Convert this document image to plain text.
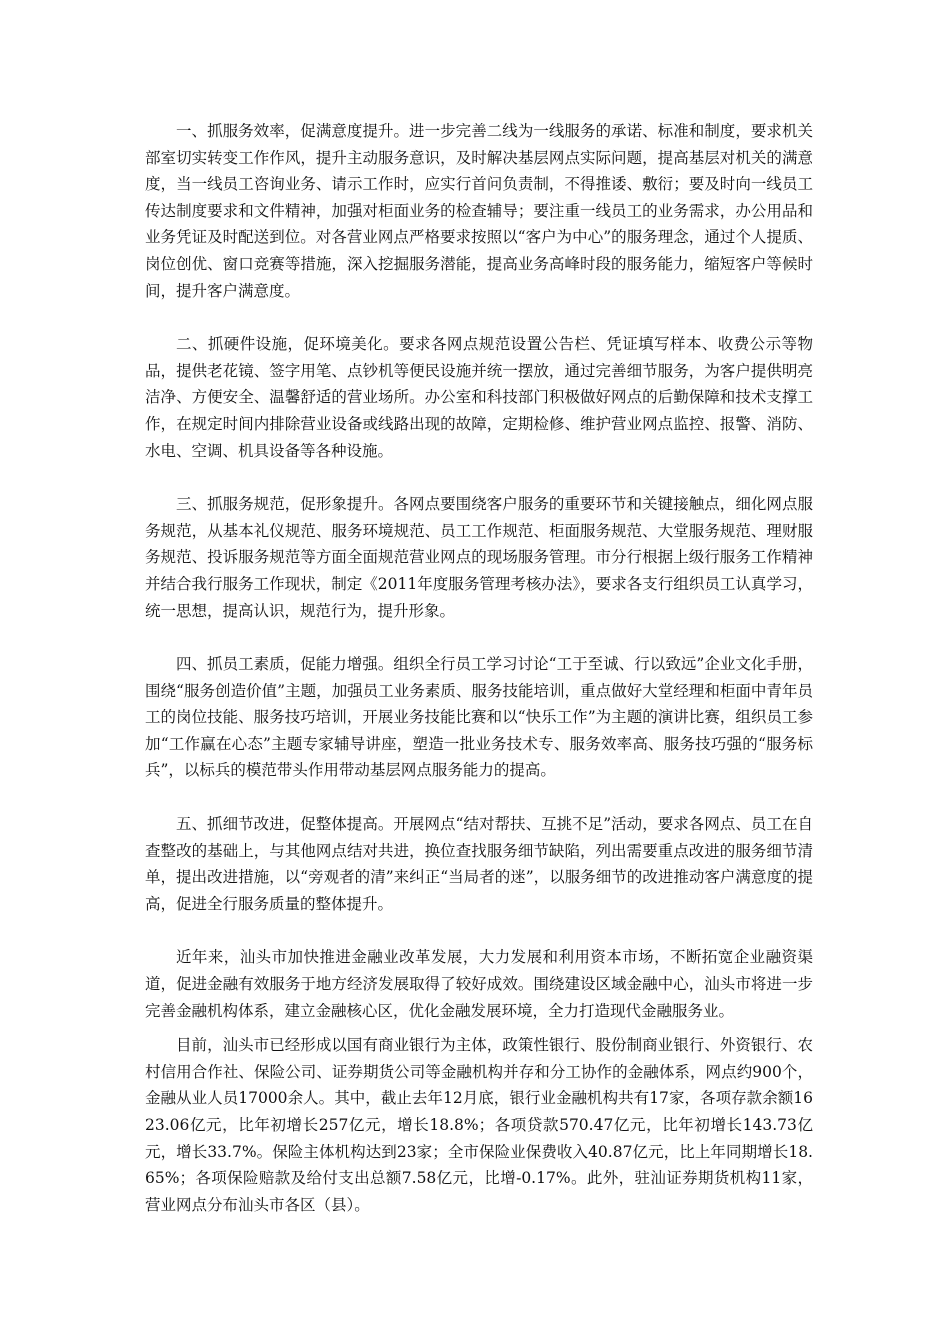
一、抓服务效率，促满意度提升。进一步完善二线为一线服务的承诺、标准和制度，要求机关部室切实转变工作作风，提升主动服务意识，及时解决基层网点实际问题，提高基层对机关的满意度，当一线员工咨询业务、请示工作时，应实行首问负责制，不得推诿、敷衍；要及时向一线员工传达制度要求和文件精神，加强对柜面业务的检查辅导；要注重一线员工的业务需求，办公用品和业务凭证及时配送到位。对各营业网点严格要求按照以“客户为中心”的服务理念，通过个人提质、岗位创优、窗口竞赛等措施，深入挖掘服务潜能，提高业务高峰时段的服务能力，缩短客户等候时间，提升客户满意度。

二、抓硬件设施，促环境美化。要求各网点规范设置公告栏、凭证填写样本、收费公示等物品，提供老花镜、签字用笔、点钞机等便民设施并统一摆放，通过完善细节服务，为客户提供明亮洁净、方便安全、温馨舒适的营业场所。办公室和科技部门积极做好网点的后勤保障和技术支撑工作，在规定时间内排除营业设备或线路出现的故障，定期检修、维护营业网点监控、报警、消防、水电、空调、机具设备等各种设施。

三、抓服务规范，促形象提升。各网点要围绕客户服务的重要环节和关键接触点，细化网点服务规范，从基本礼仪规范、服务环境规范、员工工作规范、柜面服务规范、大堂服务规范、理财服务规范、投诉服务规范等方面全面规范营业网点的现场服务管理。市分行根据上级行服务工作精神并结合我行服务工作现状，制定《2011年度服务管理考核办法》，要求各支行组织员工认真学习，统一思想，提高认识，规范行为，提升形象。

四、抓员工素质，促能力增强。组织全行员工学习讨论“工于至诚、行以致远”企业文化手册，围绕“服务创造价值”主题，加强员工业务素质、服务技能培训，重点做好大堂经理和柜面中青年员工的岗位技能、服务技巧培训，开展业务技能比赛和以“快乐工作”为主题的演讲比赛，组织员工参加“工作赢在心态”主题专家辅导讲座，塑造一批业务技术专、服务效率高、服务技巧强的“服务标兵”，以标兵的模范带头作用带动基层网点服务能力的提高。

五、抓细节改进，促整体提高。开展网点“结对帮扶、互挑不足”活动，要求各网点、员工在自查整改的基础上，与其他网点结对共进，换位查找服务细节缺陷，列出需要重点改进的服务细节清单，提出改进措施，以“旁观者的清”来纠正“当局者的迷”，以服务细节的改进推动客户满意度的提高，促进全行服务质量的整体提升。

近年来，汕头市加快推进金融业改革发展，大力发展和利用资本市场，不断拓宽企业融资渠道，促进金融有效服务于地方经济发展取得了较好成效。围绕建设区域金融中心，汕头市将进一步完善金融机构体系，建立金融核心区，优化金融发展环境，全力打造现代金融服务业。

目前，汕头市已经形成以国有商业银行为主体，政策性银行、股份制商业银行、外资银行、农村信用合作社、保险公司、证券期货公司等金融机构并存和分工协作的金融体系，网点约900个，金融从业人员17000余人。其中，截止去年12月底，银行业金融机构共有17家，各项存款余额1623.06亿元，比年初增长257亿元，增长18.8%；各项贷款570.47亿元，比年初增长143.73亿元，增长33.7%。保险主体机构达到23家；全市保险业保费收入40.87亿元，比上年同期增长18.65%；各项保险赔款及给付支出总额7.58亿元，比增-0.17%。此外，驻汕证券期货机构11家，营业网点分布汕头市各区（县）。
